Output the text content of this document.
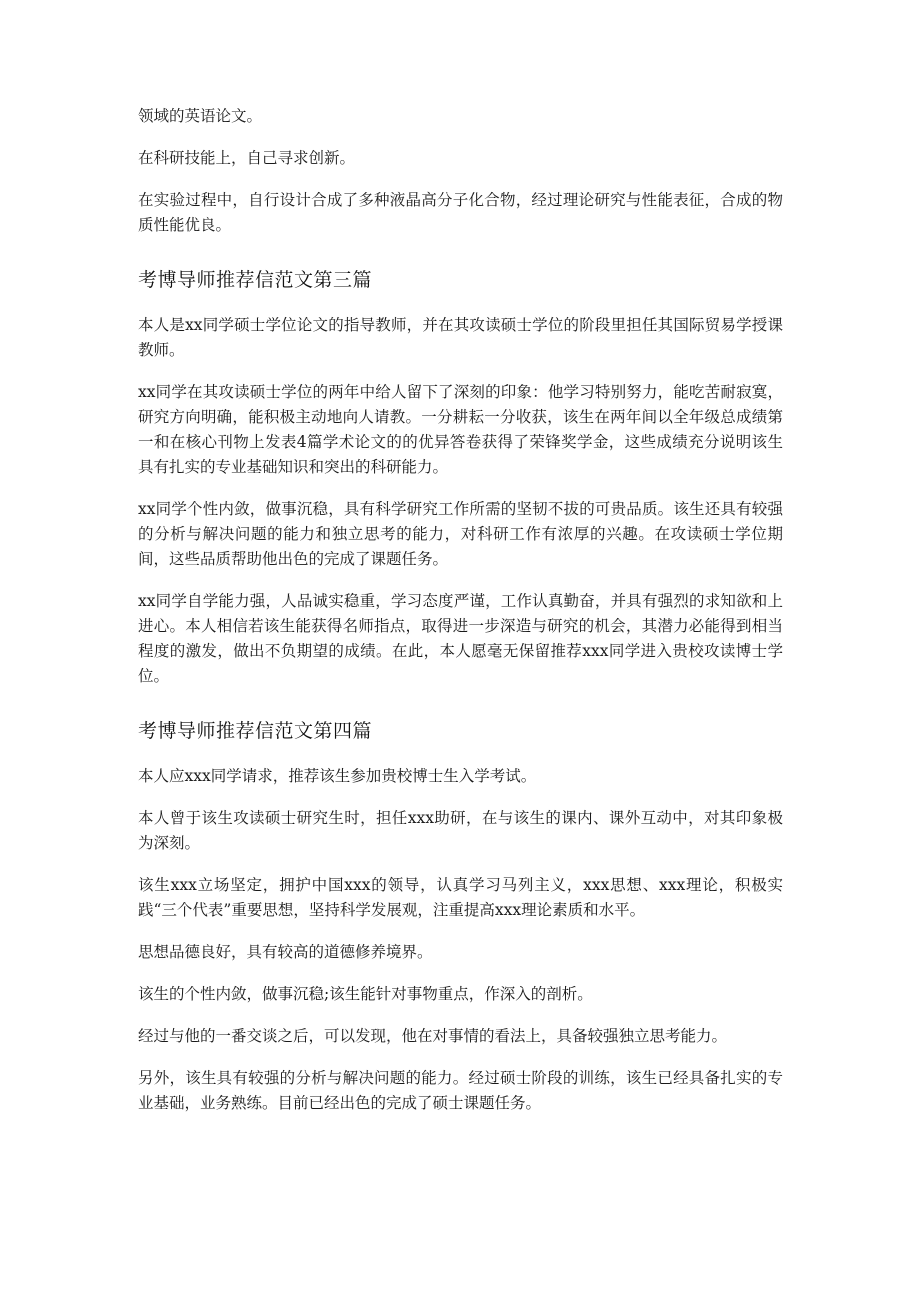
领域的英语论文。

在科研技能上，自己寻求创新。

在实验过程中，自行设计合成了多种液晶高分子化合物，经过理论研究与性能表征，合成的物质性能优良。

考博导师推荐信范文第三篇

本人是xx同学硕士学位论文的指导教师，并在其攻读硕士学位的阶段里担任其国际贸易学授课教师。

xx同学在其攻读硕士学位的两年中给人留下了深刻的印象：他学习特别努力，能吃苦耐寂寞，研究方向明确，能积极主动地向人请教。一分耕耘一分收获，该生在两年间以全年级总成绩第一和在核心刊物上发表4篇学术论文的的优异答卷获得了荣锋奖学金，这些成绩充分说明该生具有扎实的专业基础知识和突出的科研能力。

xx同学个性内敛，做事沉稳，具有科学研究工作所需的坚韧不拔的可贵品质。该生还具有较强的分析与解决问题的能力和独立思考的能力，对科研工作有浓厚的兴趣。在攻读硕士学位期间，这些品质帮助他出色的完成了课题任务。

xx同学自学能力强，人品诚实稳重，学习态度严谨，工作认真勤奋，并具有强烈的求知欲和上进心。本人相信若该生能获得名师指点，取得进一步深造与研究的机会，其潜力必能得到相当程度的激发，做出不负期望的成绩。在此，本人愿毫无保留推荐xxx同学进入贵校攻读博士学位。

考博导师推荐信范文第四篇

本人应xxx同学请求，推荐该生参加贵校博士生入学考试。

本人曾于该生攻读硕士研究生时，担任xxx助研，在与该生的课内、课外互动中，对其印象极为深刻。

该生xxx立场坚定，拥护中国xxx的领导，认真学习马列主义，xxx思想、xxx理论，积极实践“三个代表”重要思想，坚持科学发展观，注重提高xxx理论素质和水平。

思想品德良好，具有较高的道德修养境界。

该生的个性内敛，做事沉稳;该生能针对事物重点，作深入的剖析。

经过与他的一番交谈之后，可以发现，他在对事情的看法上，具备较强独立思考能力。

另外，该生具有较强的分析与解决问题的能力。经过硕士阶段的训练，该生已经具备扎实的专业基础，业务熟练。目前已经出色的完成了硕士课题任务。
